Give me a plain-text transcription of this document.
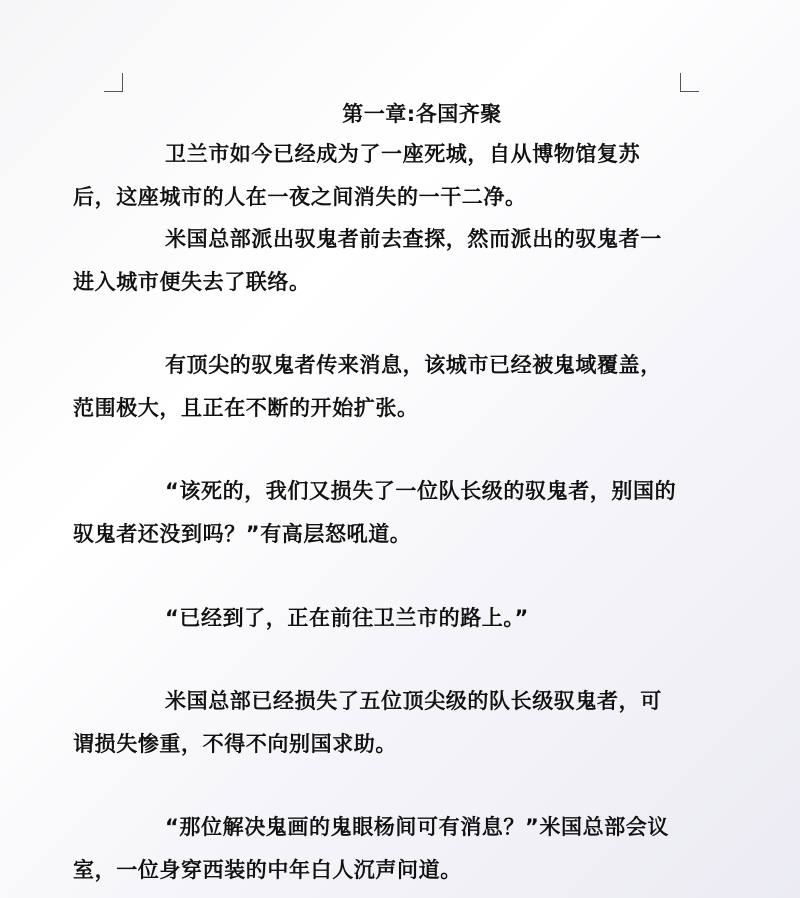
第一章:各国齐聚
卫兰市如今已经成为了一座死城，自从博物馆复苏
后，这座城市的人在一夜之间消失的一干二净。
米国总部派出驭鬼者前去查探，然而派出的驭鬼者一
进入城市便失去了联络。
有顶尖的驭鬼者传来消息，该城市已经被鬼域覆盖，
范围极大，且正在不断的开始扩张。
“该死的，我们又损失了一位队长级的驭鬼者，别国的
驭鬼者还没到吗？”有高层怒吼道。
“已经到了，正在前往卫兰市的路上。”
米国总部已经损失了五位顶尖级的队长级驭鬼者，可
谓损失惨重，不得不向别国求助。
“那位解决鬼画的鬼眼杨间可有消息？”米国总部会议
室，一位身穿西装的中年白人沉声问道。
